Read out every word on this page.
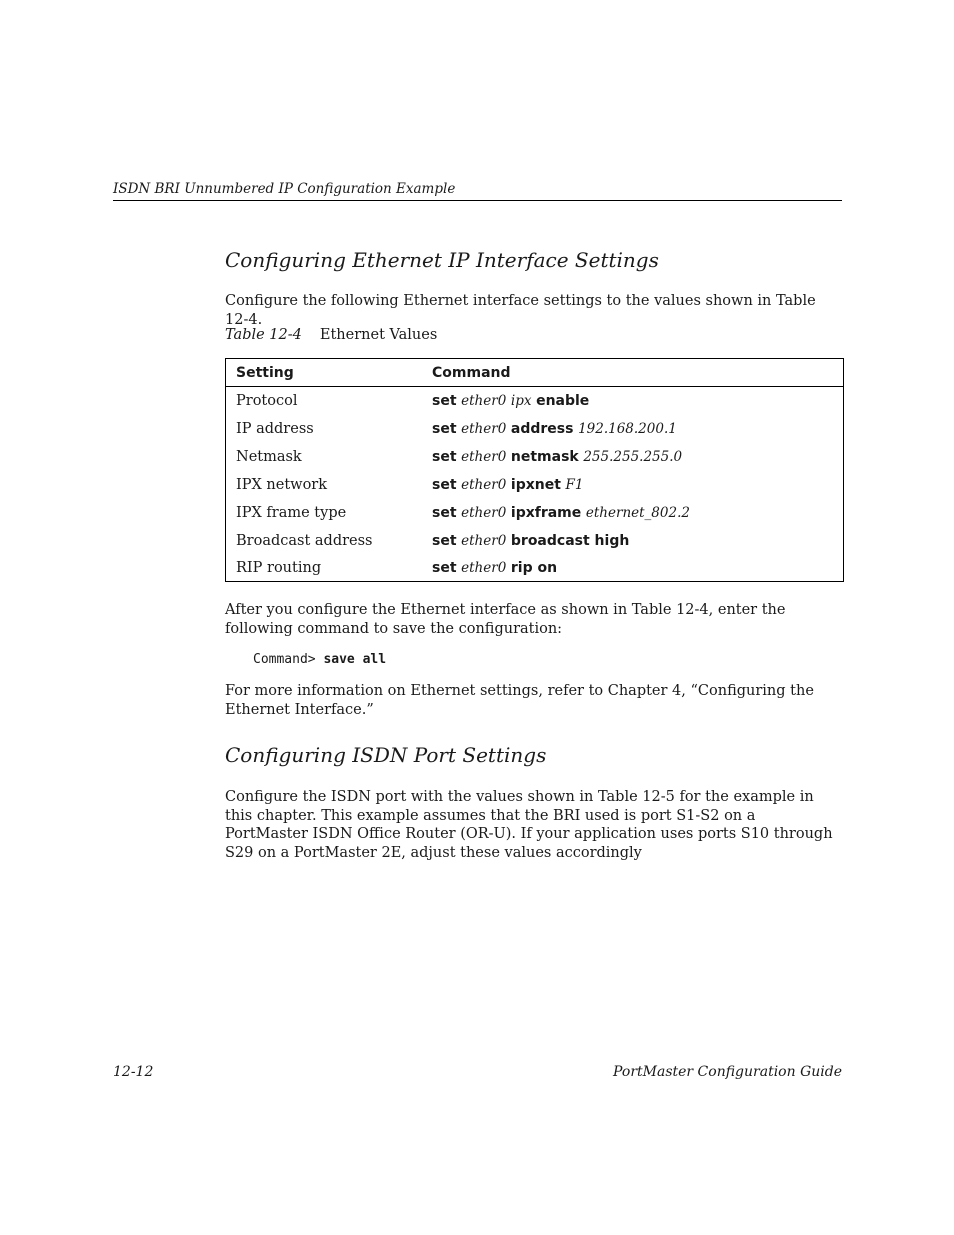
ISDN BRI Unnumbered IP Configuration Example
Configuring Ethernet IP Interface Settings

Configure the following Ethernet interface settings to the values shown in Table 12-4.

Table 12-4 Ethernet Values
Setting	Command
Protocol	set ether0 ipx enable
IP address	set ether0 address 192.168.200.1
Netmask	set ether0 netmask 255.255.255.0
IPX network	set ether0 ipxnet F1
IPX frame type	set ether0 ipxframe ethernet_802.2
Broadcast address	set ether0 broadcast high
RIP routing	set ether0 rip on

After you configure the Ethernet interface as shown in Table 12-4, enter the following command to save the configuration:

Command> save all

For more information on Ethernet settings, refer to Chapter 4, “Configuring the Ethernet Interface.”

Configuring ISDN Port Settings

Configure the ISDN port with the values shown in Table 12-5 for the example in this chapter. This example assumes that the BRI used is port S1-S2 on a PortMaster ISDN Office Router (OR-U). If your application uses ports S10 through S29 on a PortMaster 2E, adjust these values accordingly

12-12	PortMaster Configuration Guide
